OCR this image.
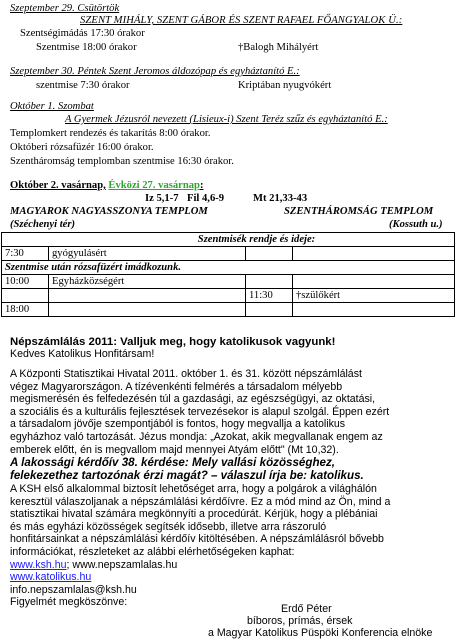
Szeptember 29. Csütörtök
SZENT MIHÁLY, SZENT GÁBOR ÉS SZENT RAFAEL FŐANGYALOK Ü.:
Szentségimádás 17:30 órakor
Szentmise 18:00 órakor	†Balogh Mihályért
Szeptember 30. Péntek Szent Jeromos áldozópap és egyháztanító E.:
szentmise 7:30 órakor	Kriptában nyugvókért
Október 1. Szombat
A Gyermek Jézusról nevezett (Lisieux-i) Szent Teréz szűz és egyháztanító E.:
Templomkert rendezés és takarítás 8:00 órakor.
Októberi rózsafüzér 16:00 órakor.
Szentháromság templomban szentmise 16:30 órakor.
Október 2. vasárnap, Évközi 27. vasárnap:
Iz 5,1-7 Fil 4,6-9	Mt 21,33-43
MAGYAROK NAGYASSZONYA TEMPLOM	SZENTHÁROMSÁG TEMPLOM
(Széchenyi tér)	(Kossuth u.)
Szentmisék rendje és ideje:			
7:30	gyógyulásért		
Szentmise után rózsafüzért imádkozunk.			
10:00	Egyházközségért		
		11:30	†szülőkért
18:00			
Népszámlálás 2011: Valljuk meg, hogy katolikusok vagyunk!
Kedves Katolikus Honfitársam!
A Központi Statisztikai Hivatal 2011. október 1. és 31. között népszámlálást
végez Magyarországon. A tízévenkénti felmérés a társadalom mélyebb
megismerésén és felfedezésén túl a gazdasági, az egészségügyi, az oktatási,
a szociális és a kulturális fejlesztések tervezésekor is alapul szolgál. Éppen ezért
a társadalom jövője szempontjából is fontos, hogy megvallja a katolikus
egyházhoz való tartozását. Jézus mondja: „Azokat, akik megvallanak engem az
emberek előtt, én is megvallom majd mennyei Atyám előtt" (Mt 10,32).
A lakossági kérdőív 38. kérdése: Mely vallási közösséghez,
felekezethez tartozónak érzi magát? – válaszul írja be: katolikus.
A KSH első alkalommal biztosít lehetőséget arra, hogy a polgárok a világhálón
keresztül válaszoljanak a népszámlálási kérdőívre. Ez a mód mind az Ön, mind a
statisztikai hivatal számára megkönnyíti a procedúrát. Kérjük, hogy a plébániai
és más egyházi közösségek segítsék idősebb, illetve arra rászoruló
honfitársainkat a népszámlálási kérdőív kitöltésében. A népszámlálásról bővebb
információkat, részleteket az alábbi elérhetőségeken kaphat:
www.ksh.hu; www.nepszamlalas.hu
www.katolikus.hu
info.nepszamlalas@ksh.hu
Figyelmét megköszönve:
Erdő Péter
bíboros, prímás, érsek
a Magyar Katolikus Püspöki Konferencia elnöke
